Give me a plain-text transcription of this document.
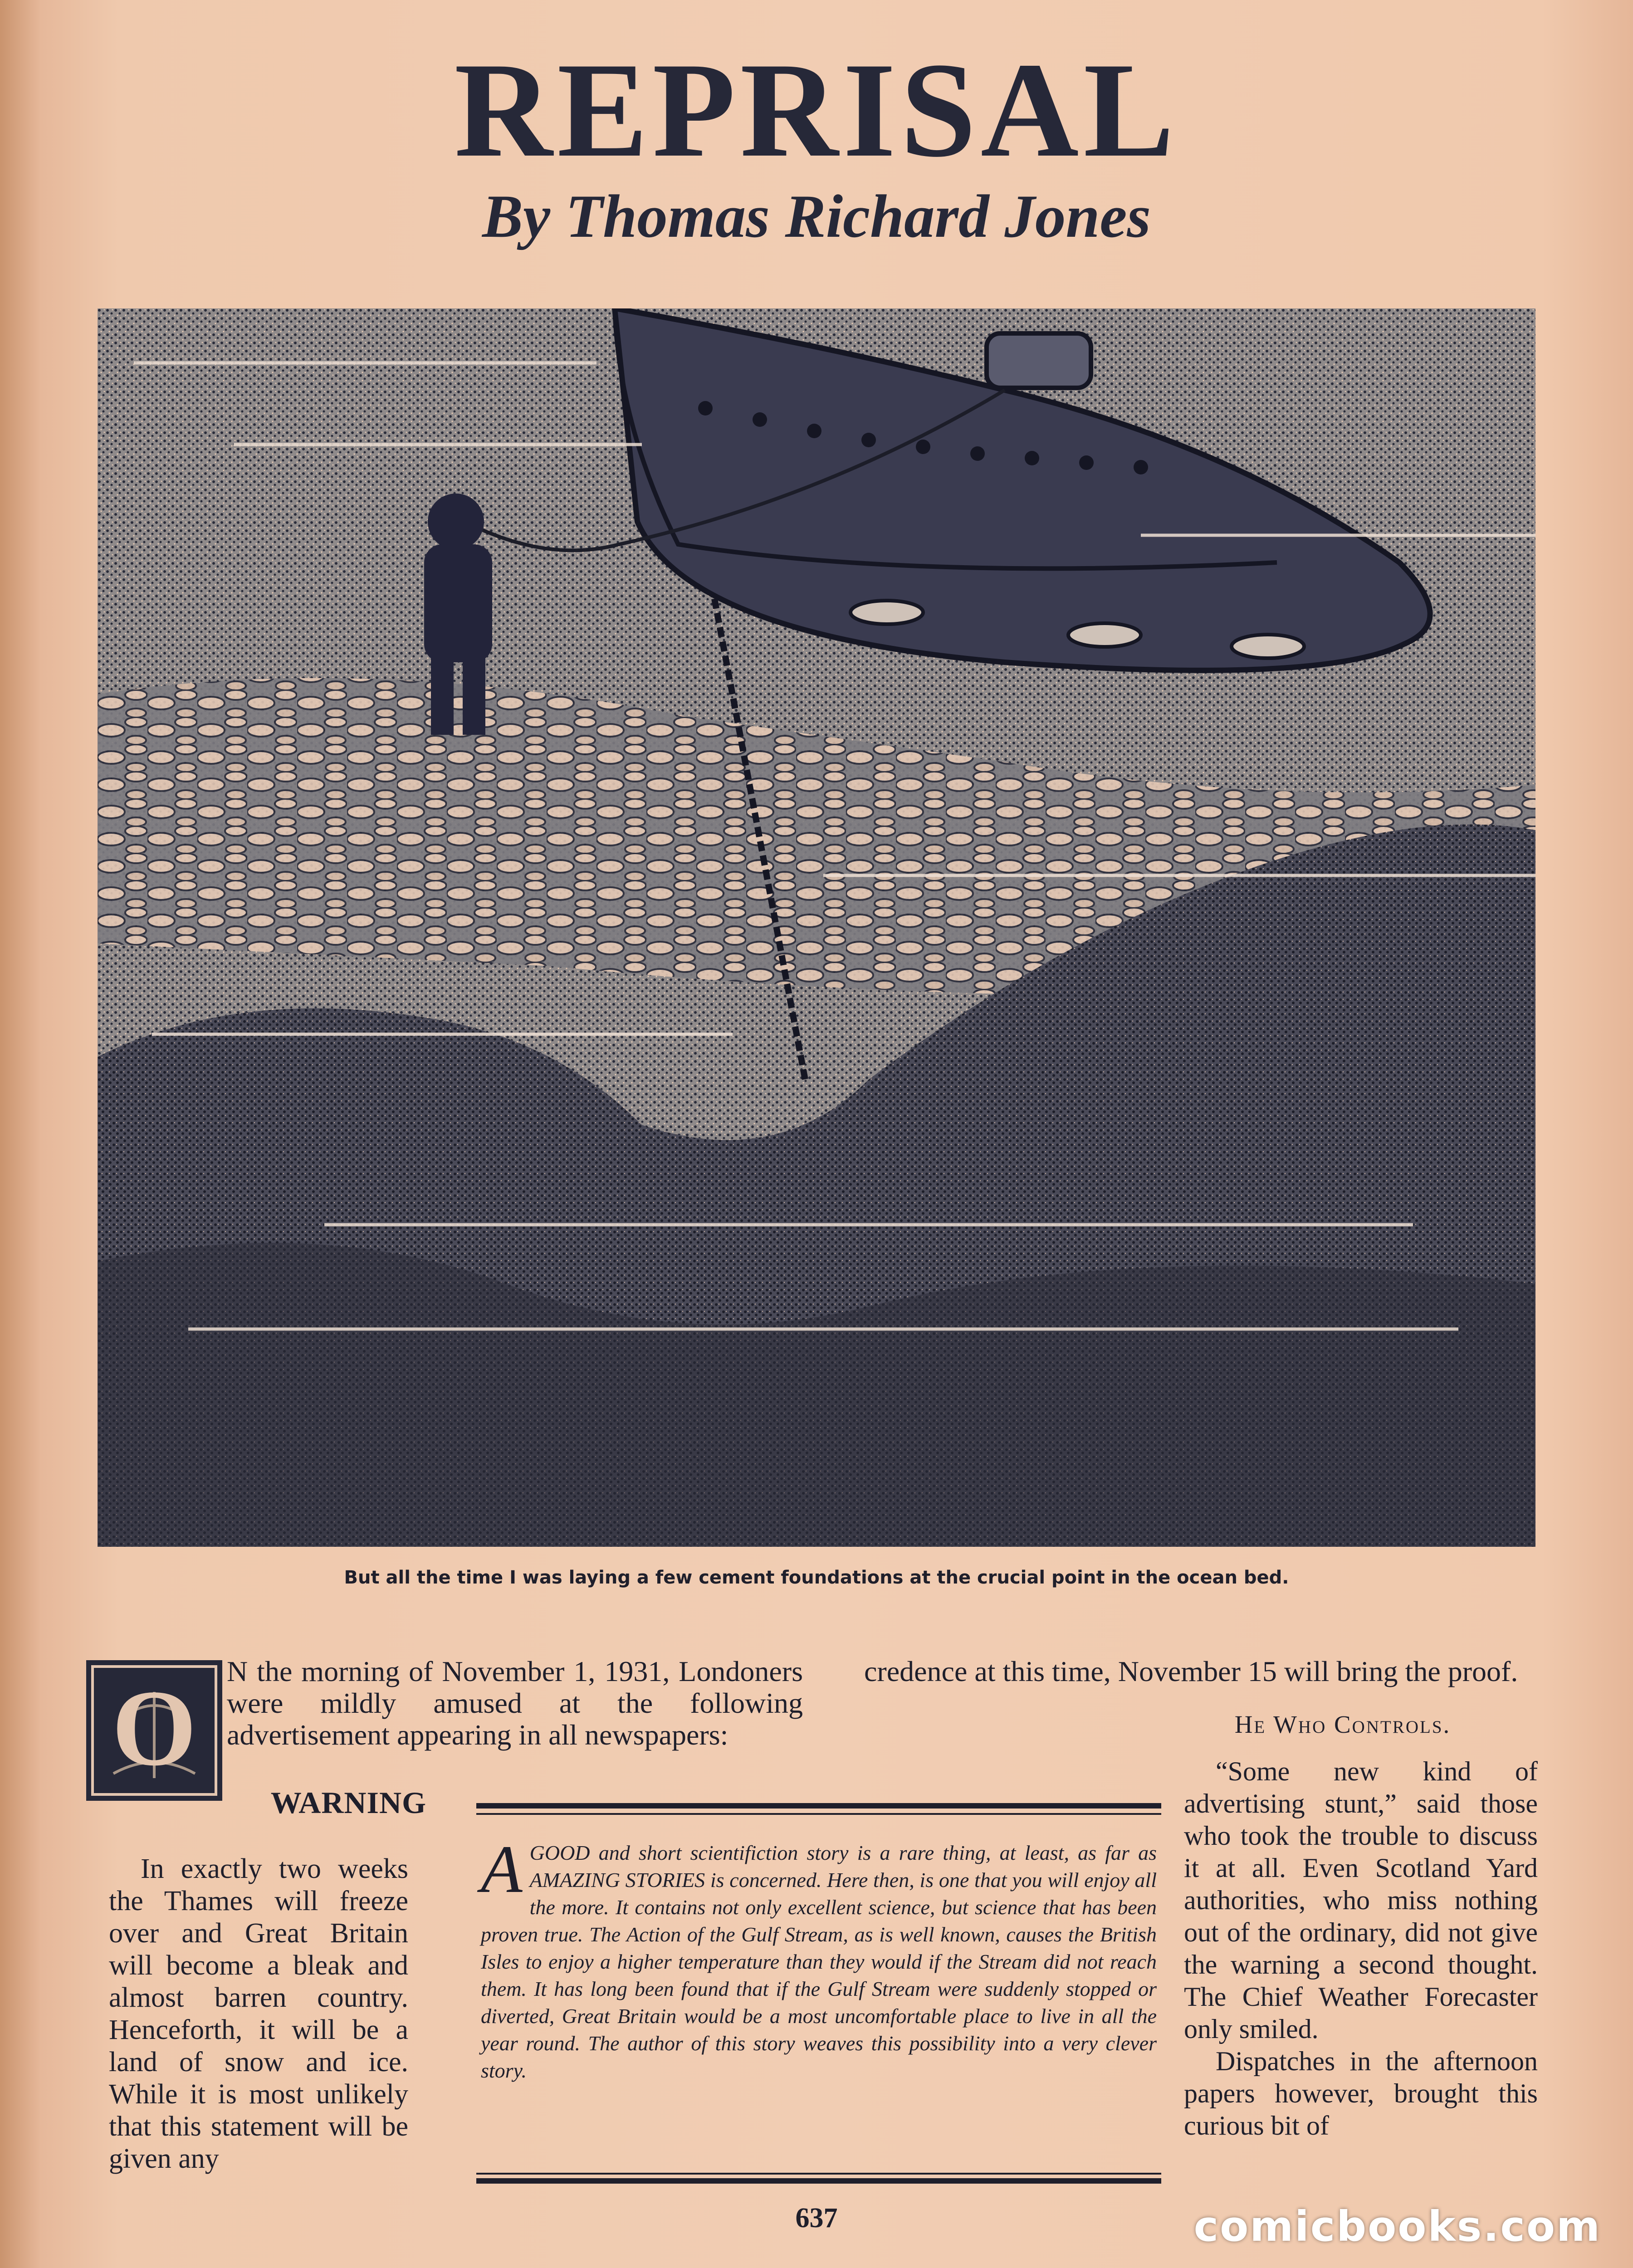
REPRISAL
By Thomas Richard Jones
But all the time I was laying a few cement foundations at the crucial point in the ocean bed.
O N the morning of November 1, 1931, Londoners were mildly amused at the following advertisement appearing in all newspapers:
WARNING
In exactly two weeks the Thames will freeze over and Great Britain will become a bleak and almost barren country. Henceforth, it will be a land of snow and ice. While it is most unlikely that this statement will be given any
credence at this time, November 15 will bring the proof.
He Who Controls.

“Some new kind of advertising stunt,” said those who took the trouble to discuss it at all. Even Scotland Yard authorities, who miss nothing out of the ordinary, did not give the warning a second thought. The Chief Weather Forecaster only smiled.

Dispatches in the afternoon papers however, brought this curious bit of

AGOOD and short scientifiction story is a rare thing, at least, as far as AMAZING STORIES is concerned. Here then, is one that you will enjoy all the more. It contains not only excellent science, but science that has been proven true. The Action of the Gulf Stream, as is well known, causes the British Isles to enjoy a higher temperature than they would if the Stream did not reach them. It has long been found that if the Gulf Stream were suddenly stopped or diverted, Great Britain would be a most uncomfortable place to live in all the year round. The author of this story weaves this possibility into a very clever story.
637	comicbooks.com
